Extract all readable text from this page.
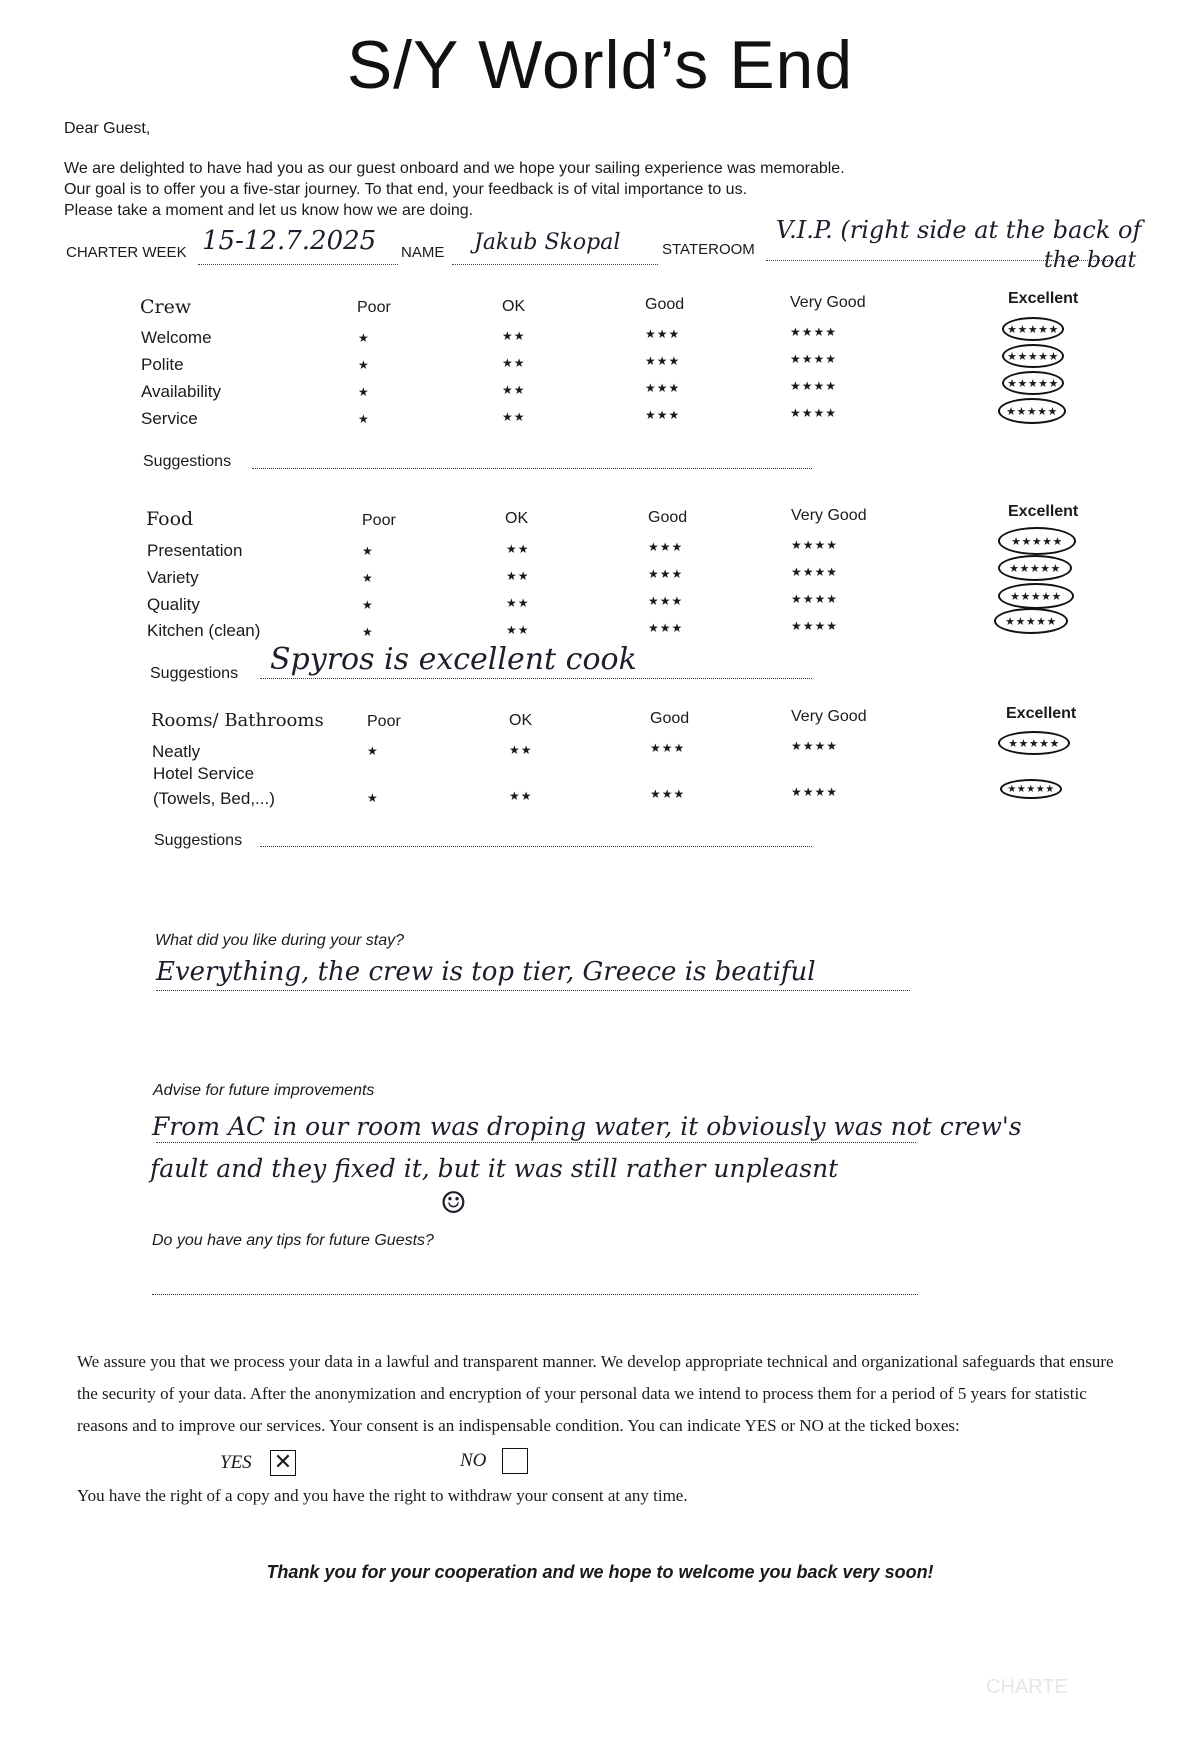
S/Y World’s End
Dear Guest,
We are delighted to have had you as our guest onboard and we hope your sailing experience was memorable.
Our goal is to offer you a five-star journey. To that end, your feedback is of vital importance to us.
Please take a moment and let us know how we are doing.
CHARTER WEEK 15-12.7.2025 NAME Jakub Skopal	STATEROOM
V.I.P. (right side at the back of
the boat
Crew	Poor	OK	Good	Very Good	Excellent
Welcome	★	★★	★★★	★★★★	★★★★★
Polite	★	★★	★★★	★★★★	★★★★★
Availability	★	★★	★★★	★★★★	★★★★★
Service	★	★★	★★★	★★★★	★★★★★
Suggestions
Food	Poor	OK	Good	Very Good	Excellent
Presentation	★	★★	★★★	★★★★	★★★★★
Variety	★	★★	★★★	★★★★	★★★★★
Quality	★	★★	★★★	★★★★	★★★★★
Kitchen (clean)	★	★★	★★★	★★★★	★★★★★
Suggestions Spyros is excellent cook
Rooms/ Bathrooms	Poor	OK	Good	Very Good	Excellent
Neatly	★	★★	★★★	★★★★	★★★★★
Hotel Service
(Towels, Bed,...)	★	★★	★★★	★★★★	★★★★★
Suggestions
What did you like during your stay?
Everything, the crew is top tier, Greece is beatiful
Advise for future improvements
From AC in our room was droping water, it obviously was not crew's
fault and they fixed it, but it was still rather unpleasnt
☺
Do you have any tips for future Guests?
We assure you that we process your data in a lawful and transparent manner. We develop appropriate technical and organizational safeguards that ensure the security of your data. After the anonymization and encryption of your personal data we intend to process them for a period of 5 years for statistic reasons and to improve our services. Your consent is an indispensable condition. You can indicate YES or NO at the ticked boxes:
YES ✕	NO
You have the right of a copy and you have the right to withdraw your consent at any time.
Thank you for your cooperation and we hope to welcome you back very soon!
CHARTE
